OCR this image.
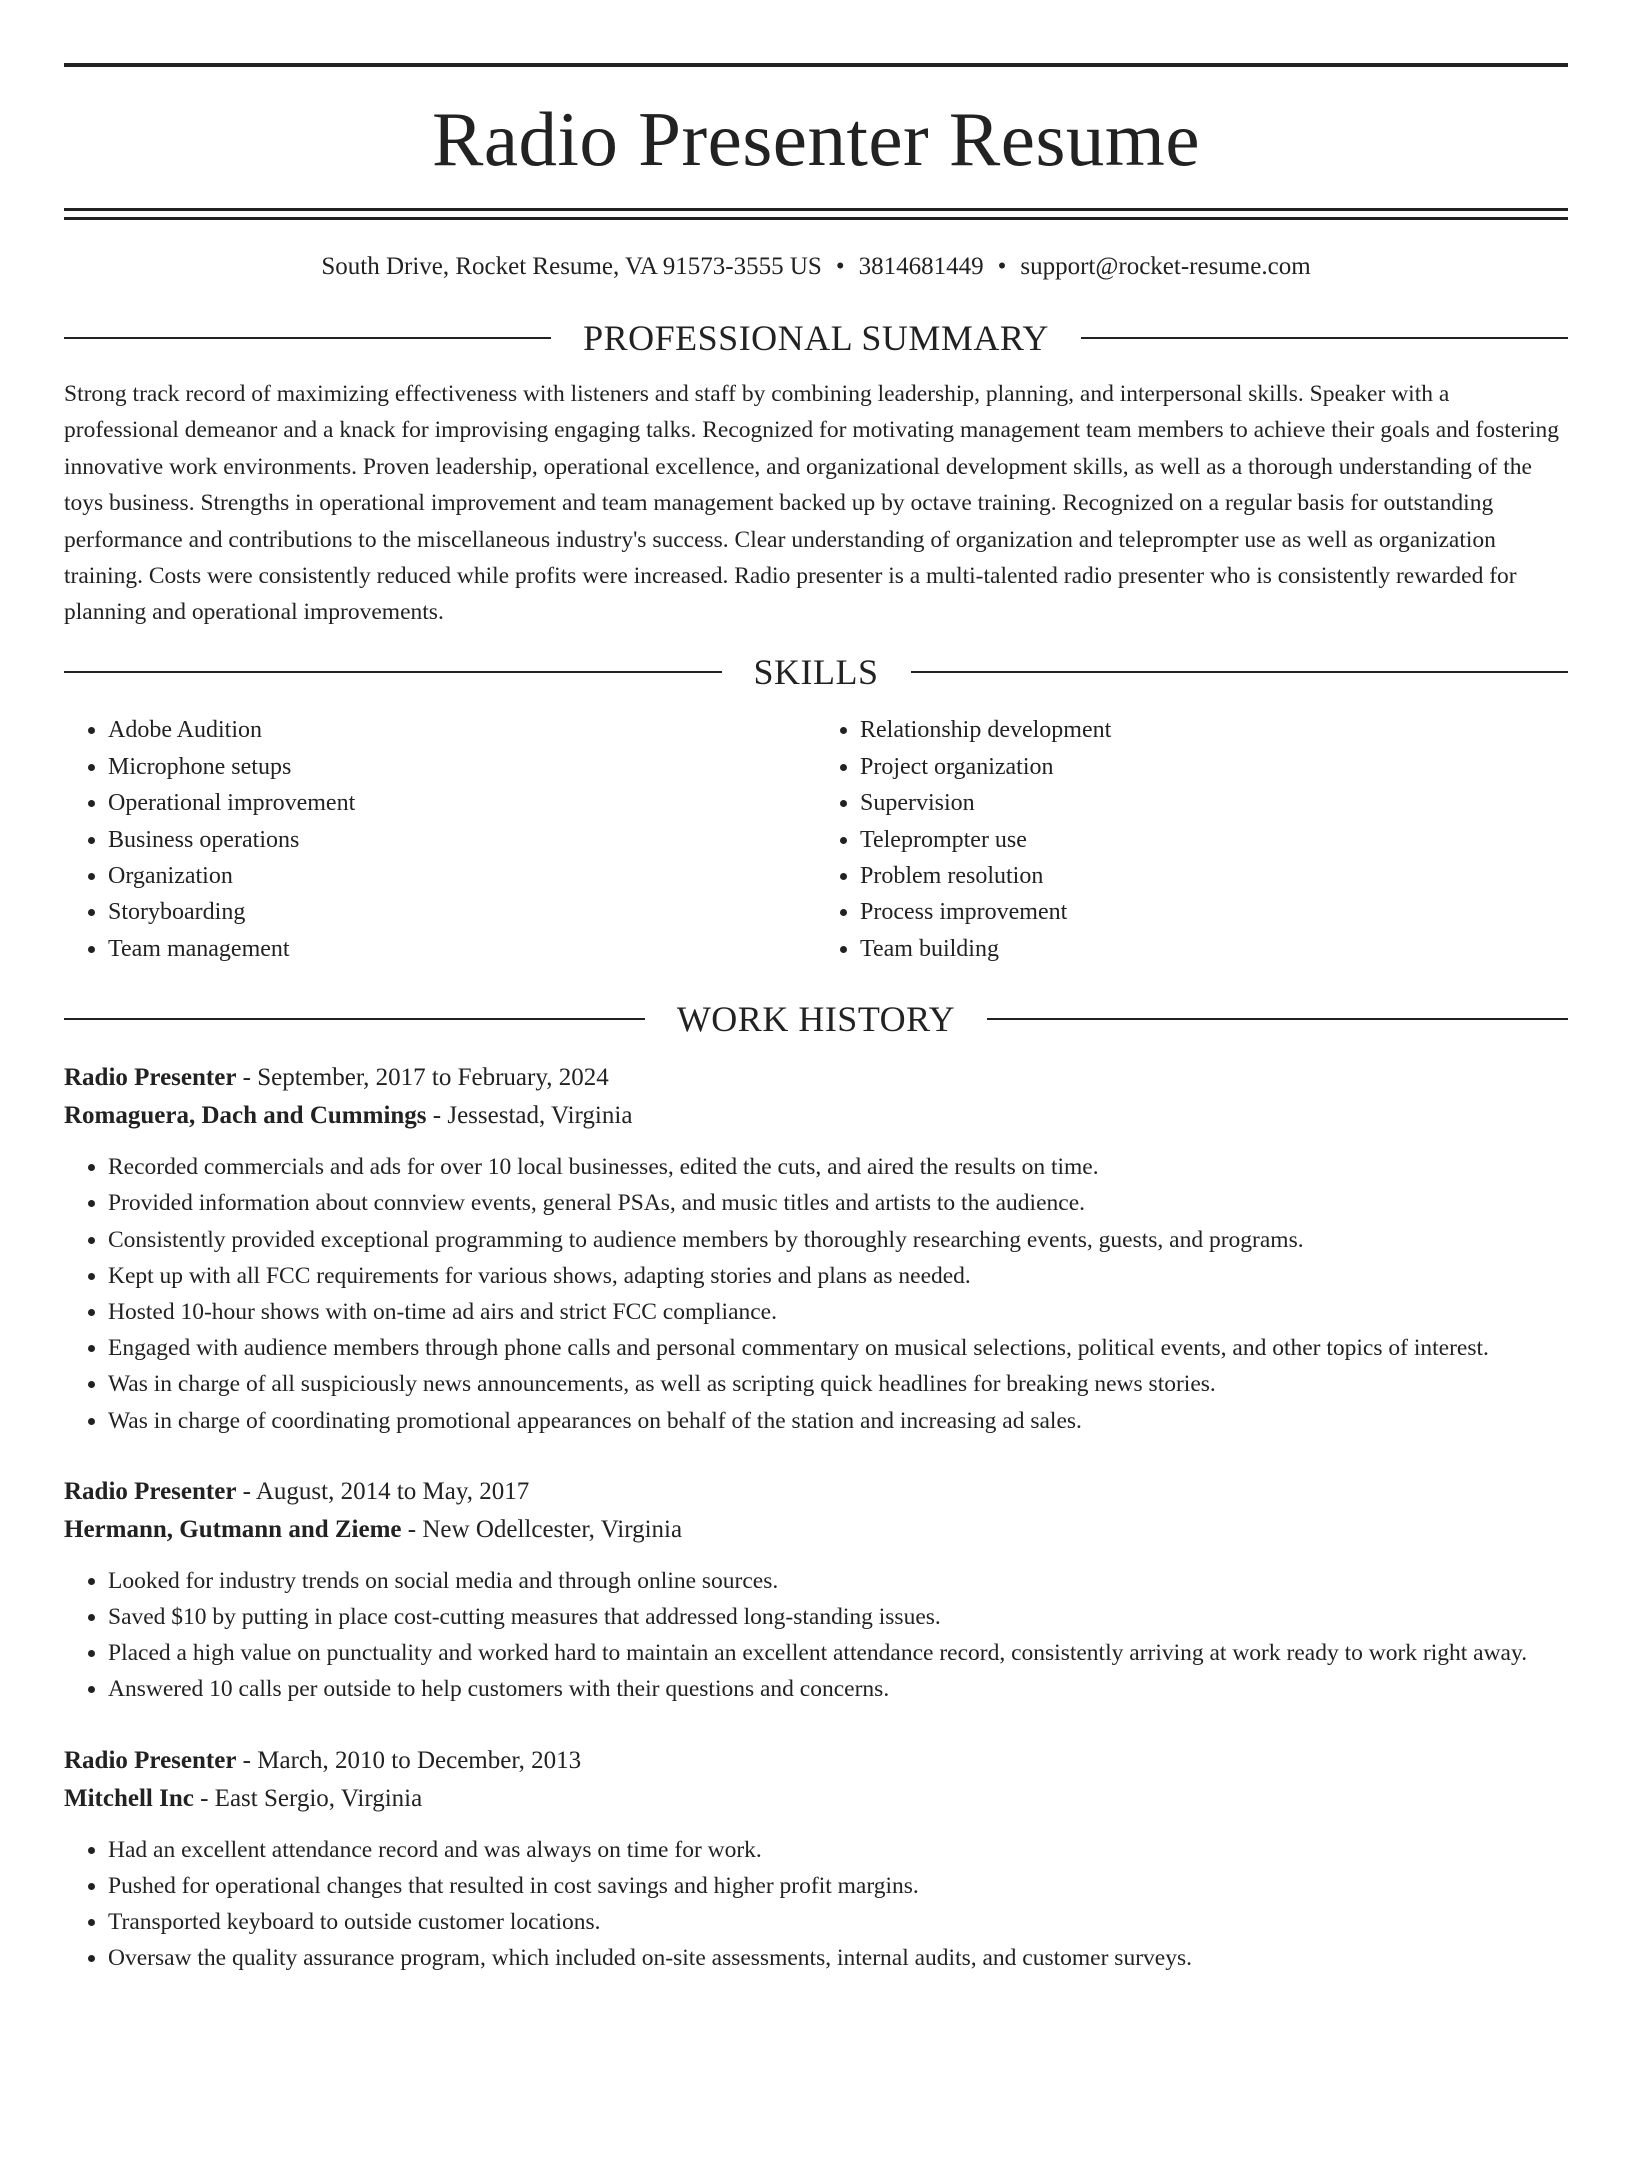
Radio Presenter Resume
South Drive, Rocket Resume, VA 91573-3555 US • 3814681449 • support@rocket-resume.com
PROFESSIONAL SUMMARY

Strong track record of maximizing effectiveness with listeners and staff by combining leadership, planning, and interpersonal skills. Speaker with a professional demeanor and a knack for improvising engaging talks. Recognized for motivating management team members to achieve their goals and fostering innovative work environments. Proven leadership, operational excellence, and organizational development skills, as well as a thorough understanding of the toys business. Strengths in operational improvement and team management backed up by octave training. Recognized on a regular basis for outstanding performance and contributions to the miscellaneous industry's success. Clear understanding of organization and teleprompter use as well as organization training. Costs were consistently reduced while profits were increased. Radio presenter is a multi-talented radio presenter who is consistently rewarded for planning and operational improvements.

SKILLS
• Adobe Audition
• Microphone setups
• Operational improvement
• Business operations
• Organization
• Storyboarding
• Team management
• Relationship development
• Project organization
• Supervision
• Teleprompter use
• Problem resolution
• Process improvement
• Team building
WORK HISTORY
Radio Presenter - September, 2017 to February, 2024
Romaguera, Dach and Cummings - Jessestad, Virginia
• Recorded commercials and ads for over 10 local businesses, edited the cuts, and aired the results on time.
• Provided information about connview events, general PSAs, and music titles and artists to the audience.
• Consistently provided exceptional programming to audience members by thoroughly researching events, guests, and programs.
• Kept up with all FCC requirements for various shows, adapting stories and plans as needed.
• Hosted 10-hour shows with on-time ad airs and strict FCC compliance.
• Engaged with audience members through phone calls and personal commentary on musical selections, political events, and other topics of interest.
• Was in charge of all suspiciously news announcements, as well as scripting quick headlines for breaking news stories.
• Was in charge of coordinating promotional appearances on behalf of the station and increasing ad sales.
Radio Presenter - August, 2014 to May, 2017
Hermann, Gutmann and Zieme - New Odellcester, Virginia
• Looked for industry trends on social media and through online sources.
• Saved $10 by putting in place cost-cutting measures that addressed long-standing issues.
• Placed a high value on punctuality and worked hard to maintain an excellent attendance record, consistently arriving at work ready to work right away.
• Answered 10 calls per outside to help customers with their questions and concerns.
Radio Presenter - March, 2010 to December, 2013
Mitchell Inc - East Sergio, Virginia
• Had an excellent attendance record and was always on time for work.
• Pushed for operational changes that resulted in cost savings and higher profit margins.
• Transported keyboard to outside customer locations.
• Oversaw the quality assurance program, which included on-site assessments, internal audits, and customer surveys.
